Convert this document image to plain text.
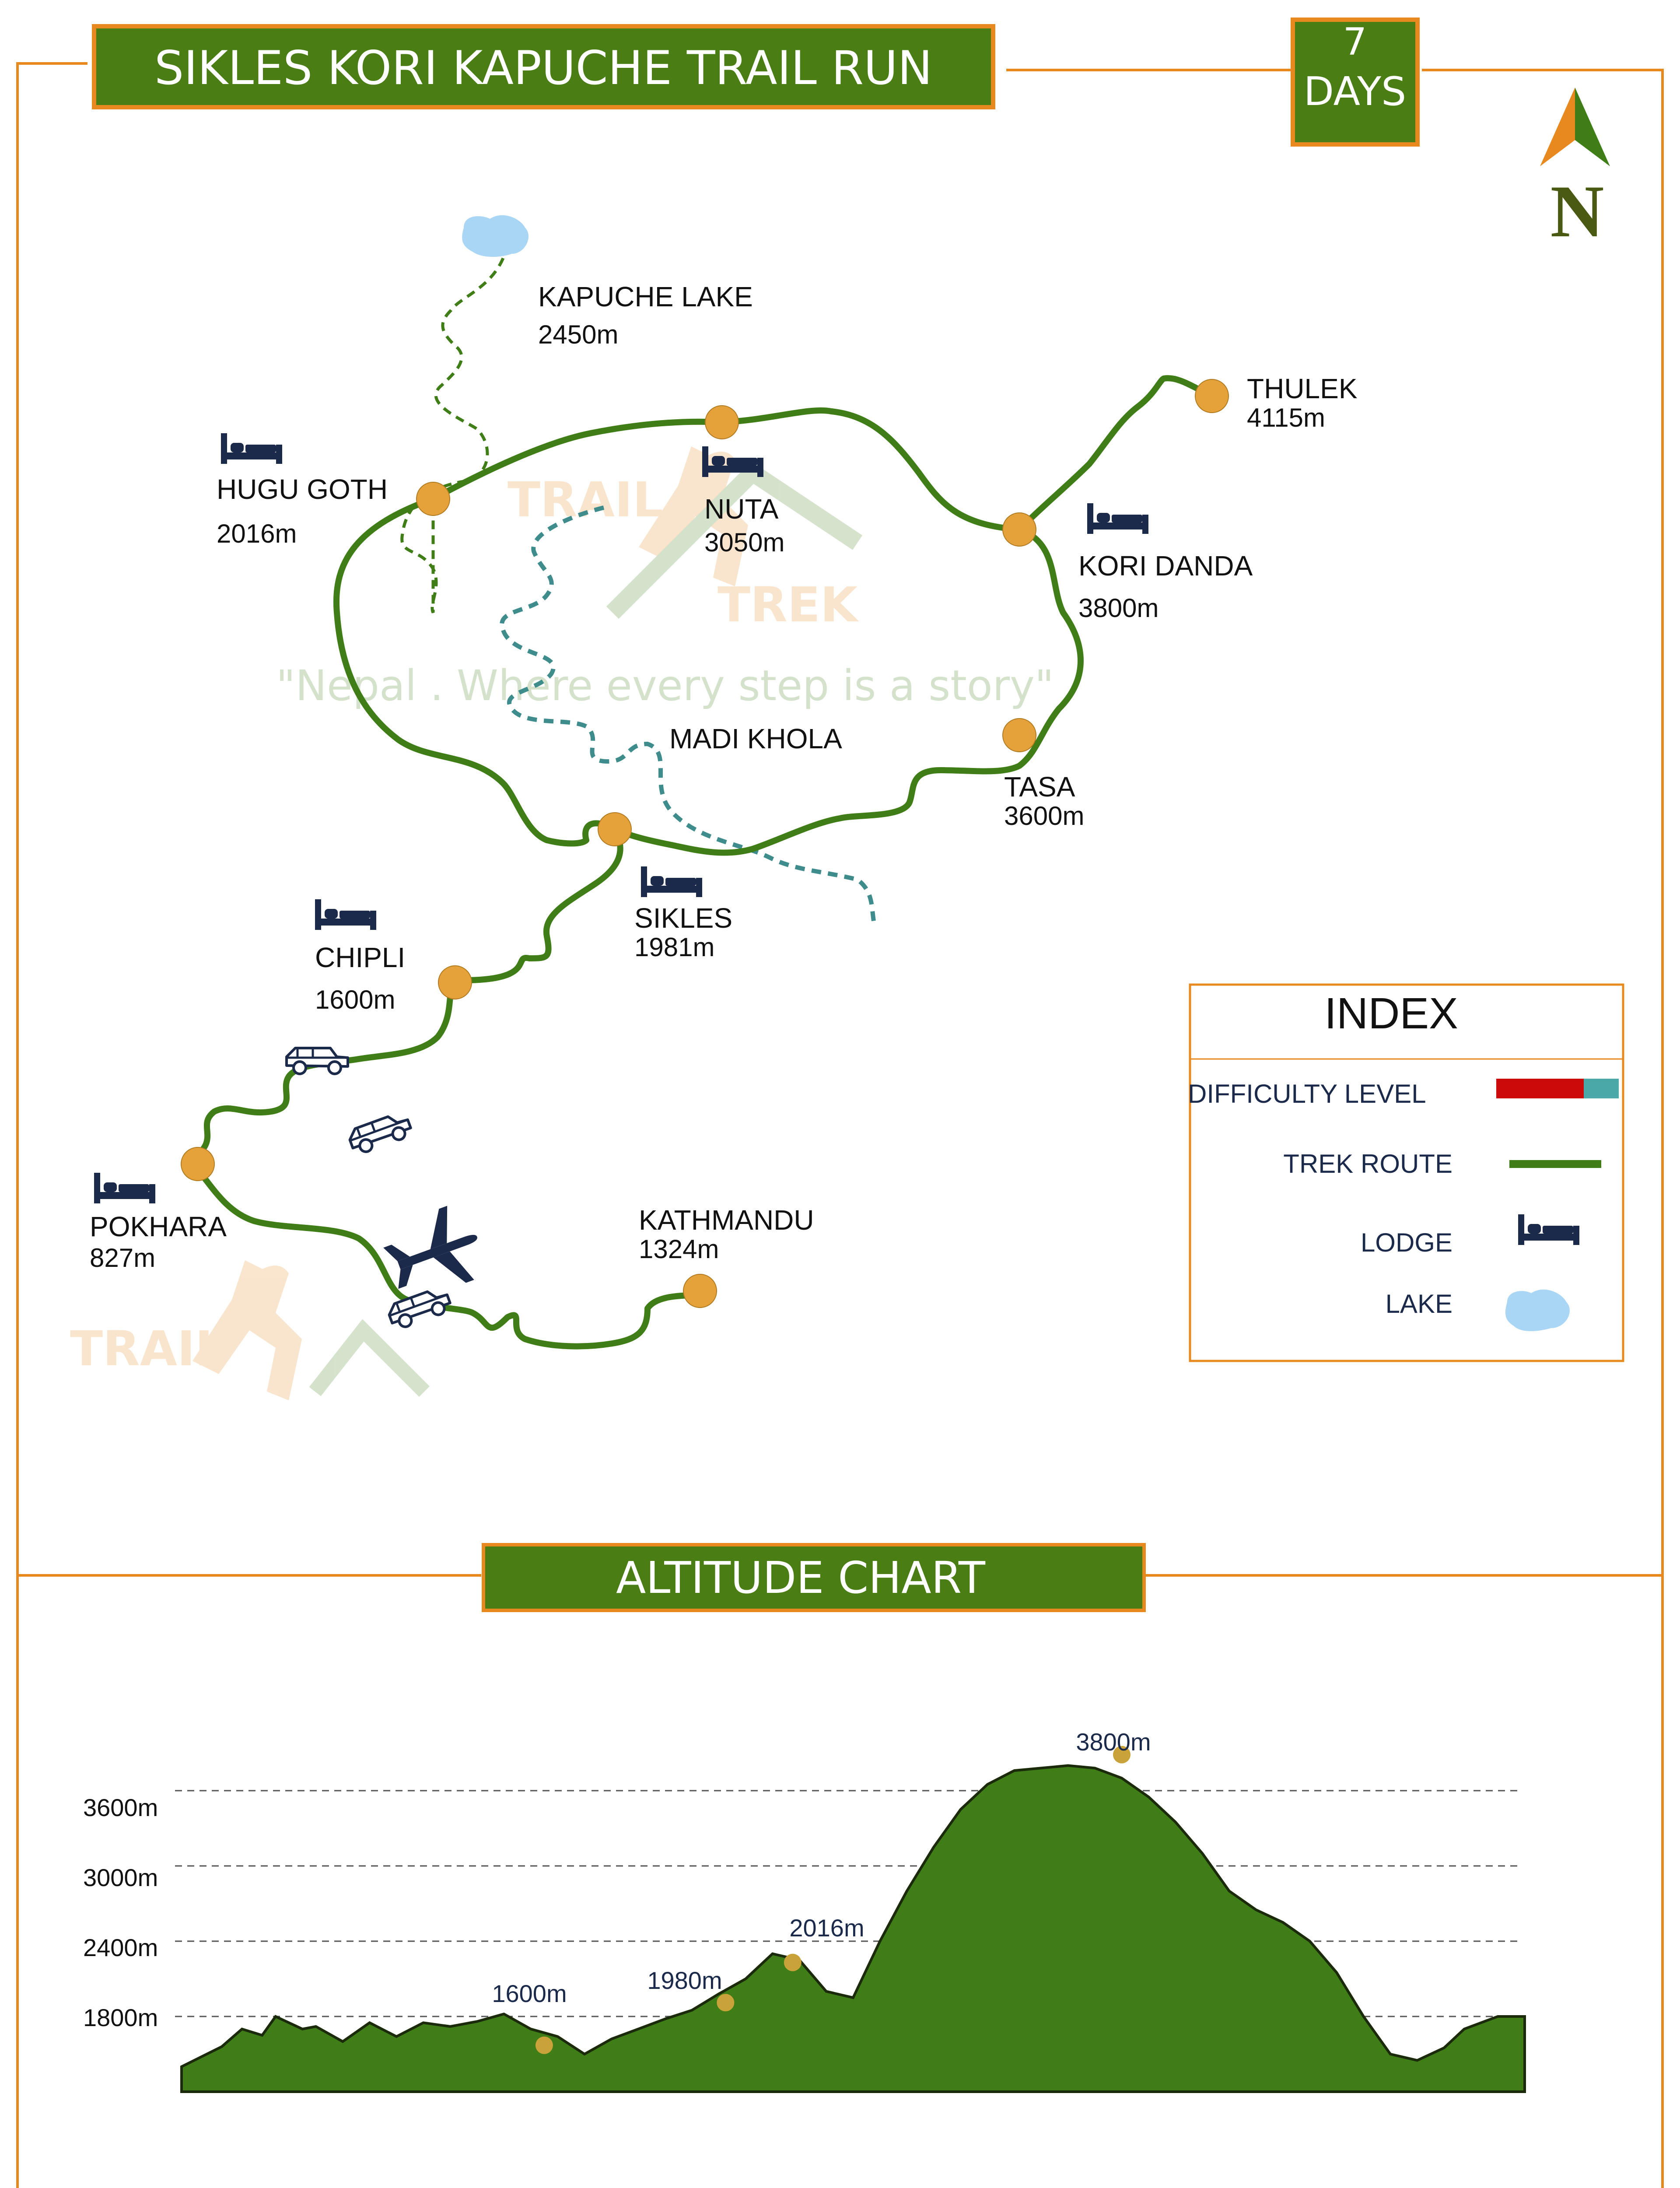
SIKLES KORI KAPUCHE TRAIL RUN	7
DAYS
N
TRAIL
TREK
"Nepal . Where every step is a story"
TRAIL
KAPUCHE LAKE
2450m
THULEK
4115m
HUGU GOTH
2016m
NUTA
3050m
KORI DANDA
3800m
MADI KHOLA
TASA
3600m
SIKLES
1981m
CHIPLI
1600m
POKHARA
827m
KATHMANDU
1324m
INDEX
DIFFICULTY LEVEL
TREK ROUTE
LODGE
LAKE
ALTITUDE CHART
3600m
3000m
2400m
1800m
1600m	1980m
2016m
3800m
